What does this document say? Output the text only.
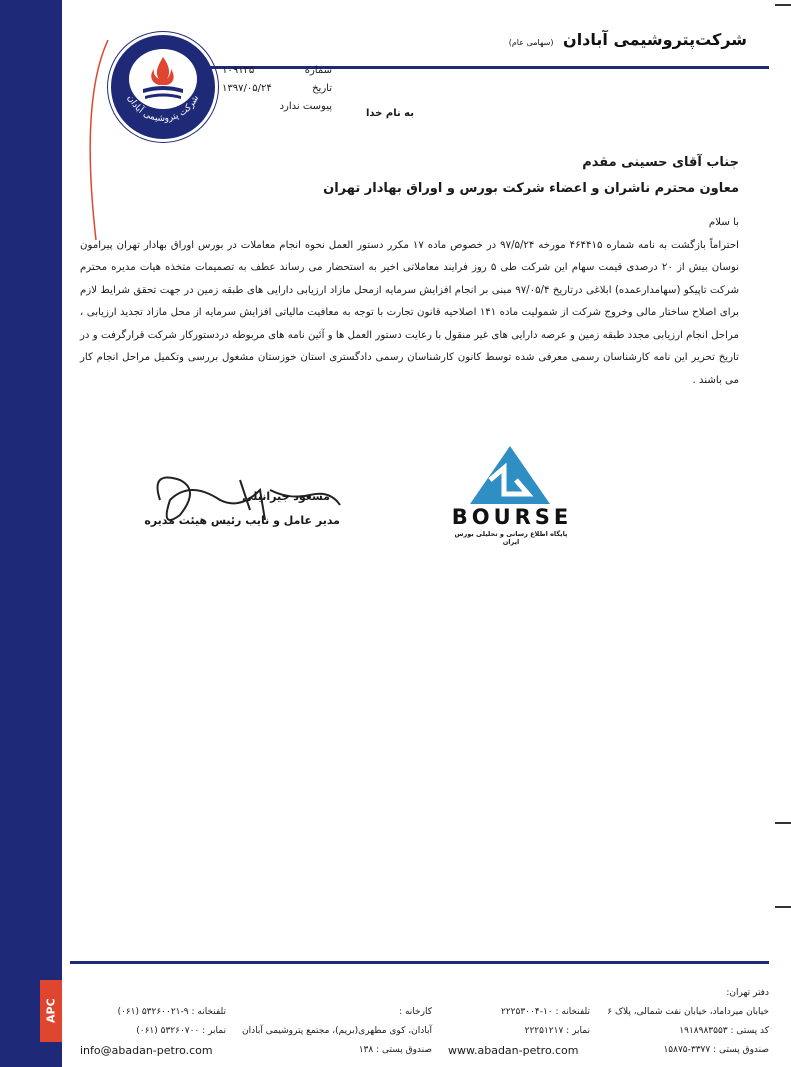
شرکت پتروشیمی آبادان
شرکت‌پتروشیمی آبادان (سهامی عام)
شماره
۱۰۹۱۳۵
تاریخ
۱۳۹۷/۰۵/۲۴
پیوست ندارد
به نام خدا
جناب آقای حسینی مقدم
معاون محترم ناشران و اعضاء شرکت بورس و اوراق بهادار تهران

با سلام

احتراماً بازگشت به نامه شماره ۴۶۴۴۱۵ مورخه ۹۷/۵/۲۴ در خصوص ماده ۱۷ مکرر دستور العمل نحوه انجام معاملات در بورس اوراق بهادار تهران پیرامون نوسان بیش از ۲۰ درصدی قیمت سهام این شرکت طی ۵ روز فرایند معاملاتی اخیر به استحضار می رساند عطف به تصمیمات متخذه هیات مدیره محترم شرکت تاپیکو (سهامدارعمده) ابلاغی درتاریخ ۹۷/۰۵/۴ مبنی بر انجام افزایش سرمایه ازمحل مازاد ارزیابی دارایی های طبقه زمین در جهت تحقق شرایط لازم برای اصلاح ساختار مالی وخروج شرکت از شمولیت ماده ۱۴۱ اصلاحیه قانون تجارت با توجه به معافیت مالیاتی افزایش سرمایه از محل مازاد تجدید ارزیابی ، مراحل انجام ارزیابی مجدد طبقه زمین و عرصه دارایی های غیر منقول با رعایت دستور العمل ها و آئین نامه های مربوطه دردستورکار شرکت قرارگرفت و در تاریخ تحریر این نامه کارشناسان رسمی معرفی شده توسط کانون کارشناسان رسمی دادگستری استان خوزستان مشغول بررسی وتکمیل مراحل انجام کار می باشند .

مسعود جیرانیلی
مدیر عامل و نایب رئیس هیئت مدیره	BOURSE
پایگاه اطلاع رسانی و تحلیلی بورس ایران
APC
دفتر تهران:
خیابان میرداماد، خیابان نفت شمالی، پلاک ۶
کد پستی : ۱۹۱۸۹۸۳۵۵۳
صندوق پستی : ۳۳۷۷-۱۵۸۷۵
تلفنخانه : ۱۰-۲۲۲۵۳۰۰۴
نمابر : ۲۲۲۵۱۲۱۷
www.abadan-petro.com
کارخانه :
آبادان، کوی مطهری(بریم)، مجتمع پتروشیمی آبادان
صندوق پستی : ۱۳۸
تلفنخانه : ۹-۵۳۲۶۰۰۲۱ (۰۶۱)
نمابر : ۵۳۲۶۰۷۰۰ (۰۶۱)
info@abadan-petro.com
